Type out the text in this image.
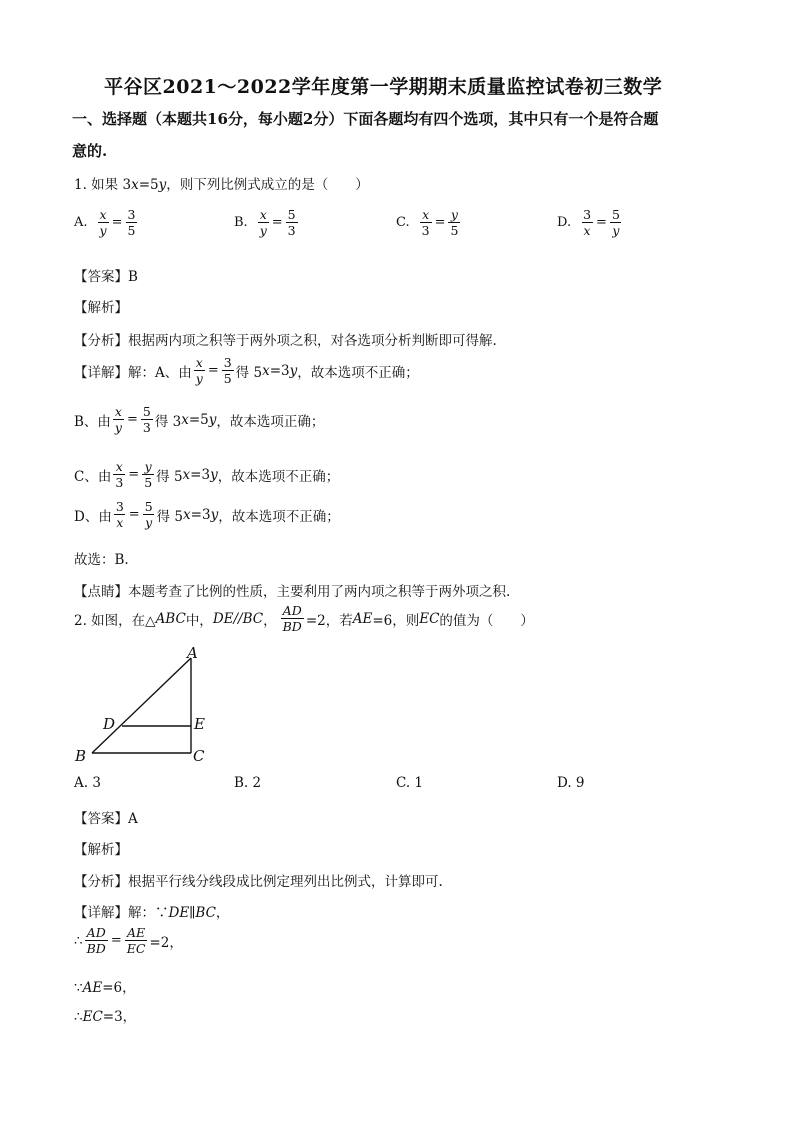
平谷区2021～2022学年度第一学期期末质量监控试卷初三数学
一、选择题（本题共16分，每小题2分）下面各题均有四个选项，其中只有一个是符合题
意的.
1. 如果 3x=5y，则下列比例式成立的是（　　）
A. $\frac{x}{y} = \frac{3}{5}$	B. $\frac{x}{y} = \frac{5}{3}$	C. $\frac{x}{3} = \frac{y}{5}$	D. $\frac{3}{x} = \frac{5}{y}$
【答案】B
【解析】
【分析】根据两内项之积等于两外项之积，对各选项分析判断即可得解.
【详解】 解：A、由 $\frac{x}{y} = \frac{3}{5}$ 得 5 x =3 y ，故本选项不正确；
B、由 $\frac{x}{y} = \frac{5}{3}$ 得 3 x =5 y ，故本选项正确；
C、由 $\frac{x}{3} = \frac{y}{5}$ 得 5 x =3 y ，故本选项不正确；
D、由 $\frac{3}{x} = \frac{5}{y}$ 得 5 x =3 y ，故本选项不正确；
故选：B.
【点睛】本题考查了比例的性质，主要利用了两内项之积等于两外项之积.
2. 如图，在△ ABC 中， DE//BC ， $\frac{AD}{BD} =2$，若 AE =6，则 EC 的值为（　　）
A
B	C
D	E
A. 3	B. 2	C. 1	D. 9
【答案】A
【解析】
【分析】根据平行线分线段成比例定理列出比例式，计算即可.
【详解】解：∵DE∥BC，
∴ $\frac{AD}{BD} = \frac{AE}{EC} =2$，
∵AE=6，
∴EC=3，
